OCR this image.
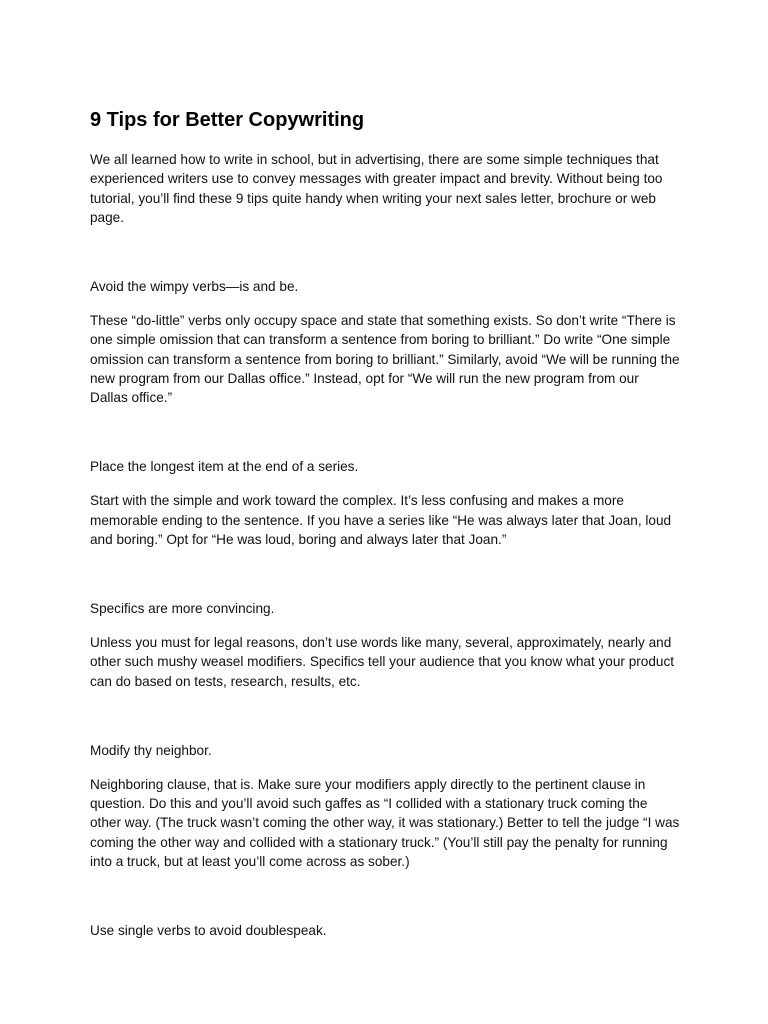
9 Tips for Better Copywriting

We all learned how to write in school, but in advertising, there are some simple techniques that experienced writers use to convey messages with greater impact and brevity. Without being too tutorial, you’ll find these 9 tips quite handy when writing your next sales letter, brochure or web page.

Avoid the wimpy verbs—is and be.

These “do-little” verbs only occupy space and state that something exists. So don’t write “There is one simple omission that can transform a sentence from boring to brilliant.” Do write “One simple omission can transform a sentence from boring to brilliant.” Similarly, avoid “We will be running the new program from our Dallas office.” Instead, opt for “We will run the new program from our Dallas office.”

Place the longest item at the end of a series.

Start with the simple and work toward the complex. It’s less confusing and makes a more memorable ending to the sentence. If you have a series like “He was always later that Joan, loud and boring.” Opt for “He was loud, boring and always later that Joan.”

Specifics are more convincing.

Unless you must for legal reasons, don’t use words like many, several, approximately, nearly and other such mushy weasel modifiers. Specifics tell your audience that you know what your product can do based on tests, research, results, etc.

Modify thy neighbor.

Neighboring clause, that is. Make sure your modifiers apply directly to the pertinent clause in question. Do this and you’ll avoid such gaffes as “I collided with a stationary truck coming the other way. (The truck wasn’t coming the other way, it was stationary.) Better to tell the judge “I was coming the other way and collided with a stationary truck.” (You’ll still pay the penalty for running into a truck, but at least you’ll come across as sober.)

Use single verbs to avoid doublespeak.
